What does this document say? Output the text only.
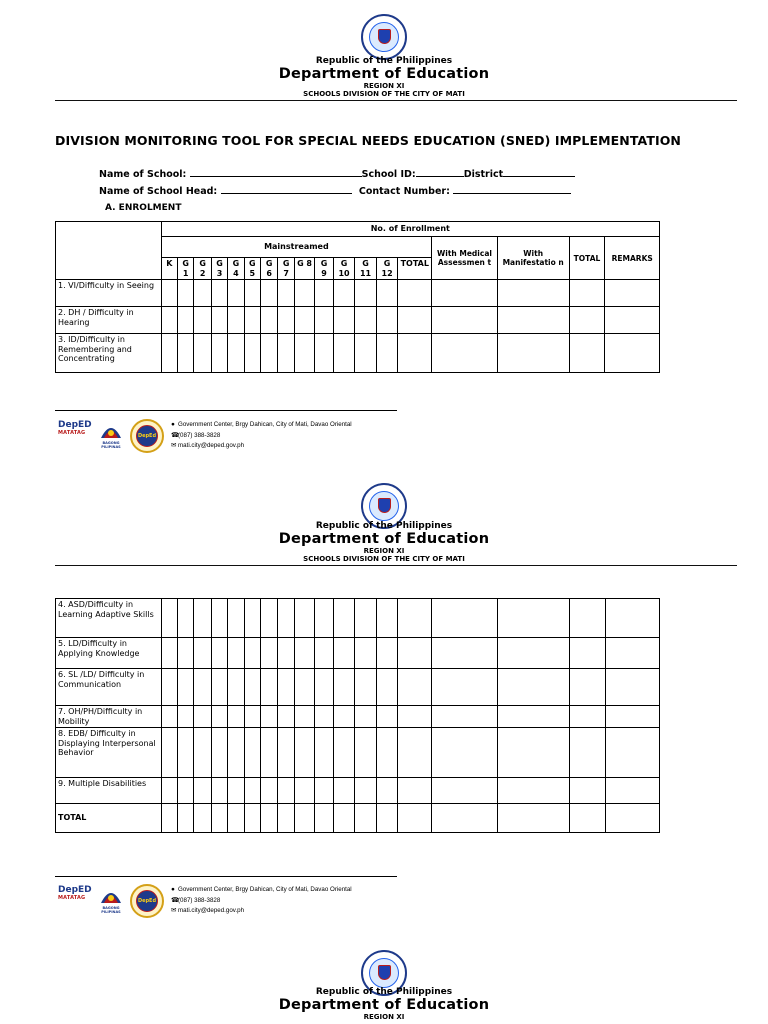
Republic of the Philippines
Department of Education
REGION XI
SCHOOLS DIVISION OF THE CITY OF MATI
DIVISION MONITORING TOOL FOR SPECIAL NEEDS EDUCATION (SNED) IMPLEMENTATION
Name of School:	School ID:	District
Name of School Head:	Contact Number:
A. ENROLMENT
	No. of Enrollment																	
	Mainstreamed														With Medical Assessmen t	With Manifestatio n	TOTAL	REMARKS
	K	G 1	G 2	G 3	G 4	G 5	G 6	G 7	G 8	G 9	G 10	G 11	G 12	TOTAL				
1. VI/Difficulty in Seeing																		
2. DH / Difficulty in Hearing																		
3. ID/Difficulty in Remembering and Concentrating																		
DepED
MATATAG
BAGONG PILIPINAS
DepEd
● Government Center, Brgy Dahican, City of Mati, Davao Oriental
☎(087) 388-3828
✉ mati.city@deped.gov.ph
Republic of the Philippines
Department of Education
REGION XI
SCHOOLS DIVISION OF THE CITY OF MATI
4. ASD/Difficulty in Learning Adaptive Skills																		
5. LD/Difficulty in Applying Knowledge																		
6. SL /LD/ Difficulty in Communication																		
7. OH/PH/Difficulty in Mobility																		
8. EDB/ Difficulty in Displaying Interpersonal Behavior																		
9. Multiple Disabilities																		
TOTAL																		
DepED
MATATAG
BAGONG PILIPINAS
DepEd
● Government Center, Brgy Dahican, City of Mati, Davao Oriental
☎(087) 388-3828
✉ mati.city@deped.gov.ph
Republic of the Philippines
Department of Education
REGION XI
